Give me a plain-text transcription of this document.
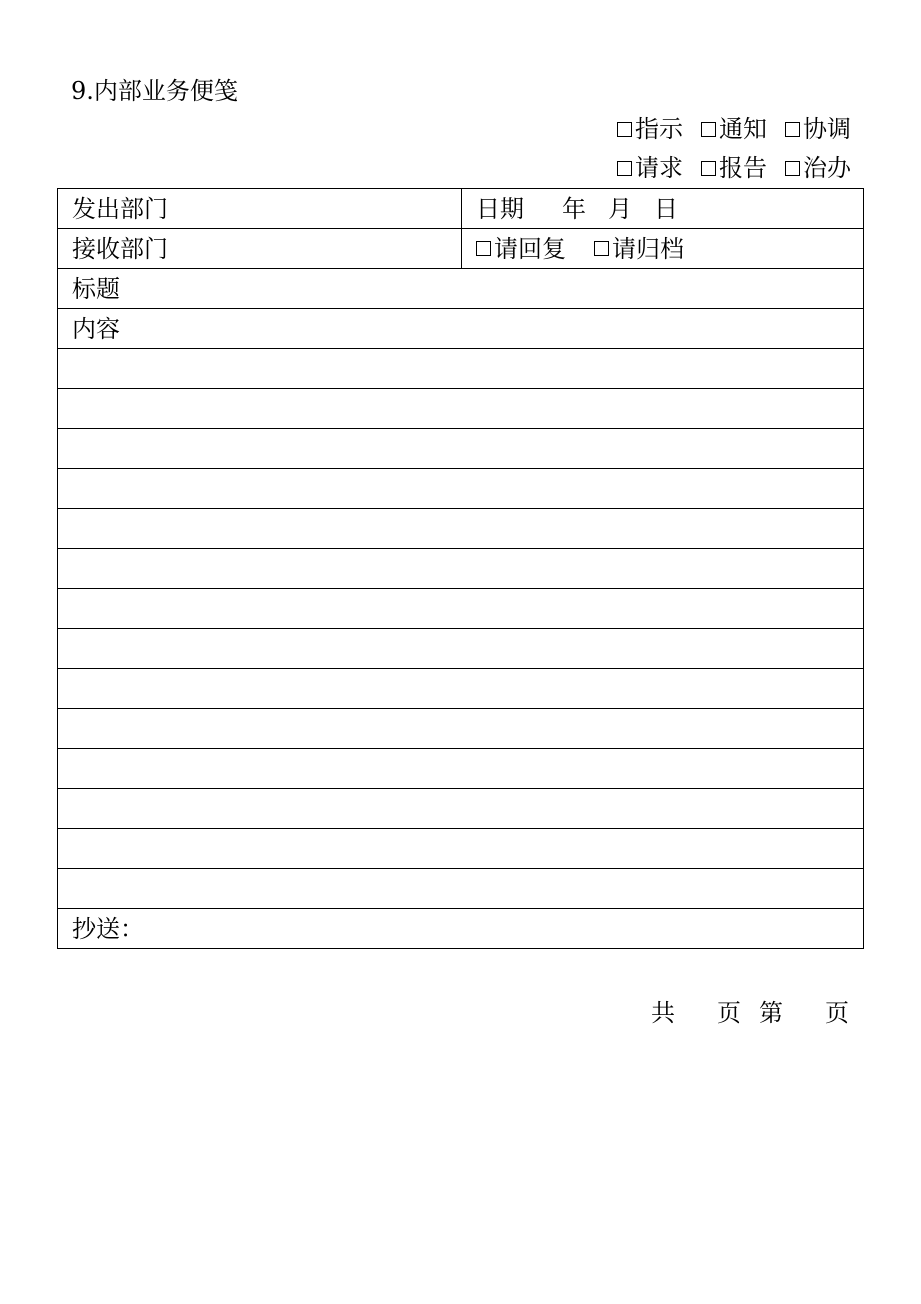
9.内部业务便笺
指示 通知 协调
请求 报告 治办
发出部门	日期 年 月 日
接收部门	请回复 请归档

标题	
内容	

抄送：	
共 页 第 页
